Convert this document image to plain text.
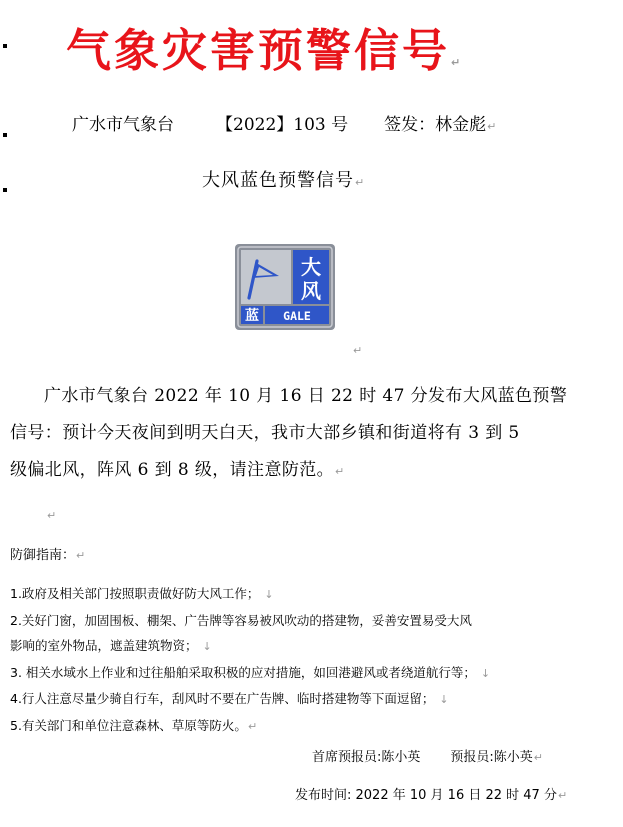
气象灾害预警信号↵
广水市气象台 【2022】103 号 签发：林金彪↵
大风蓝色预警信号↵
大
风
蓝 GALE
↵
广水市气象台 2022 年 10 月 16 日 22 时 47 分发布大风蓝色预警
信号：预计今天夜间到明天白天，我市大部乡镇和街道将有 3 到 5
级偏北风，阵风 6 到 8 级，请注意防范。↵
↵
防御指南：↵
1.政府及相关部门按照职责做好防大风工作； ↓
2.关好门窗，加固围板、棚架、广告牌等容易被风吹动的搭建物，妥善安置易受大风
影响的室外物品，遮盖建筑物资； ↓
3. 相关水域水上作业和过往船舶采取积极的应对措施，如回港避风或者绕道航行等； ↓
4.行人注意尽量少骑自行车，刮风时不要在广告牌、临时搭建物等下面逗留； ↓
5.有关部门和单位注意森林、草原等防火。↵
首席预报员:陈小英 预报员:陈小英↵
发布时间: 2022 年 10 月 16 日 22 时 47 分↵
